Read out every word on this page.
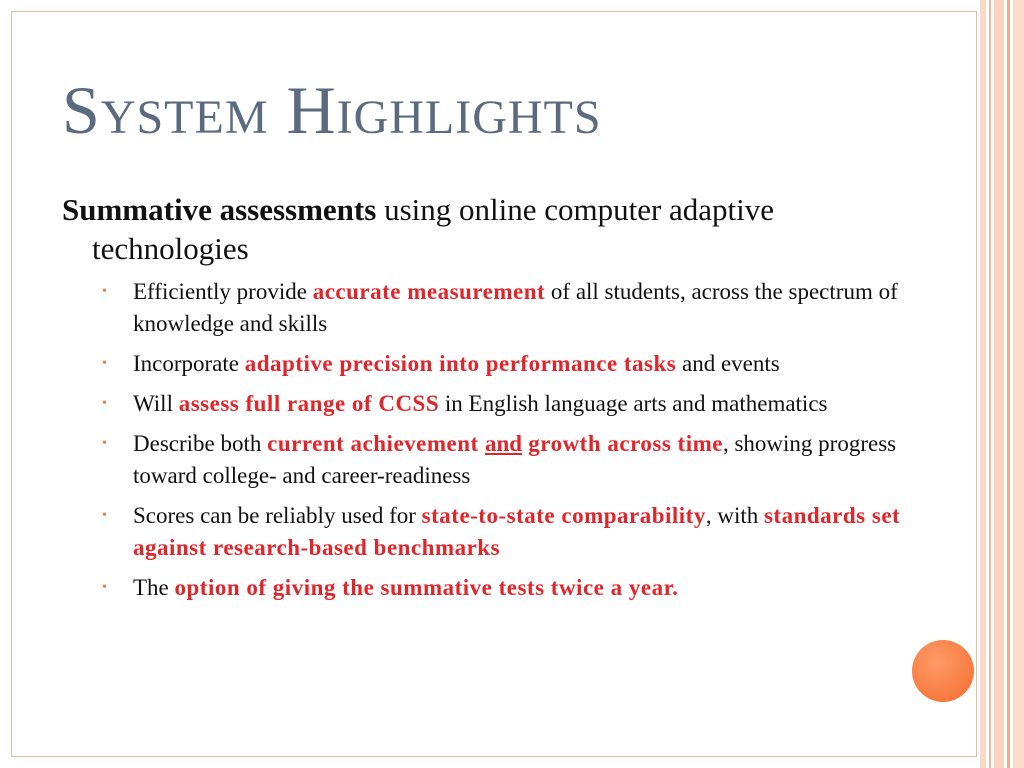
System Highlights

Summative assessments using online computer adaptive technologies

• Efficiently provide accurate measurement of all students, across the spectrum of knowledge and skills
• Incorporate adaptive precision into performance tasks and events
• Will assess full range of CCSS in English language arts and mathematics
• Describe both current achievement and growth across time, showing progress toward college- and career-readiness
• Scores can be reliably used for state-to-state comparability, with standards set against research-based benchmarks
• The option of giving the summative tests twice a year.
